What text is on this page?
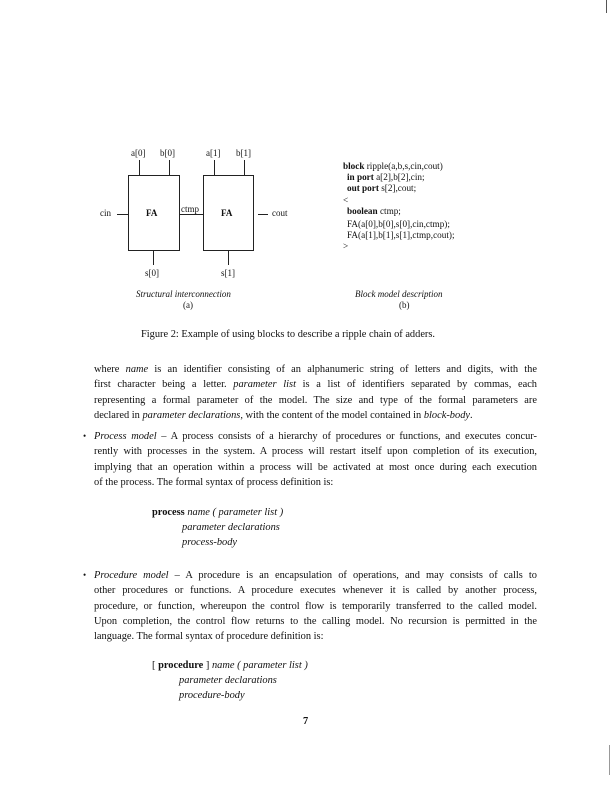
a[0] b[0]	a[1] b[1]
FA	FA
cin	ctmp	cout
s[0]	s[1]
Structural interconnection
(a)
block ripple(a,b,s,cin,cout)
in port a[2],b[2],cin;
out port s[2],cout;
<
boolean ctmp;
FA(a[0],b[0],s[0],cin,ctmp);
FA(a[1],b[1],s[1],ctmp,cout);
>
Block model description
(b)
Figure 2: Example of using blocks to describe a ripple chain of adders.
where name is an identifier consisting of an alphanumeric string of letters and digits, with the
first character being a letter. parameter list is a list of identifiers separated by commas, each
representing a formal parameter of the model. The size and type of the formal parameters are
declared in parameter declarations, with the content of the model contained in block-body.
• Process model – A process consists of a hierarchy of procedures or functions, and executes concur-
rently with processes in the system. A process will restart itself upon completion of its execution,
implying that an operation within a process will be activated at most once during each execution
of the process. The formal syntax of process definition is:
process name ( parameter list )
parameter declarations
process-body
• Procedure model – A procedure is an encapsulation of operations, and may consists of calls to
other procedures or functions. A procedure executes whenever it is called by another process,
procedure, or function, whereupon the control flow is temporarily transferred to the called model.
Upon completion, the control flow returns to the calling model. No recursion is permitted in the
language. The formal syntax of procedure definition is:
[ procedure ] name ( parameter list )
parameter declarations
procedure-body
7
